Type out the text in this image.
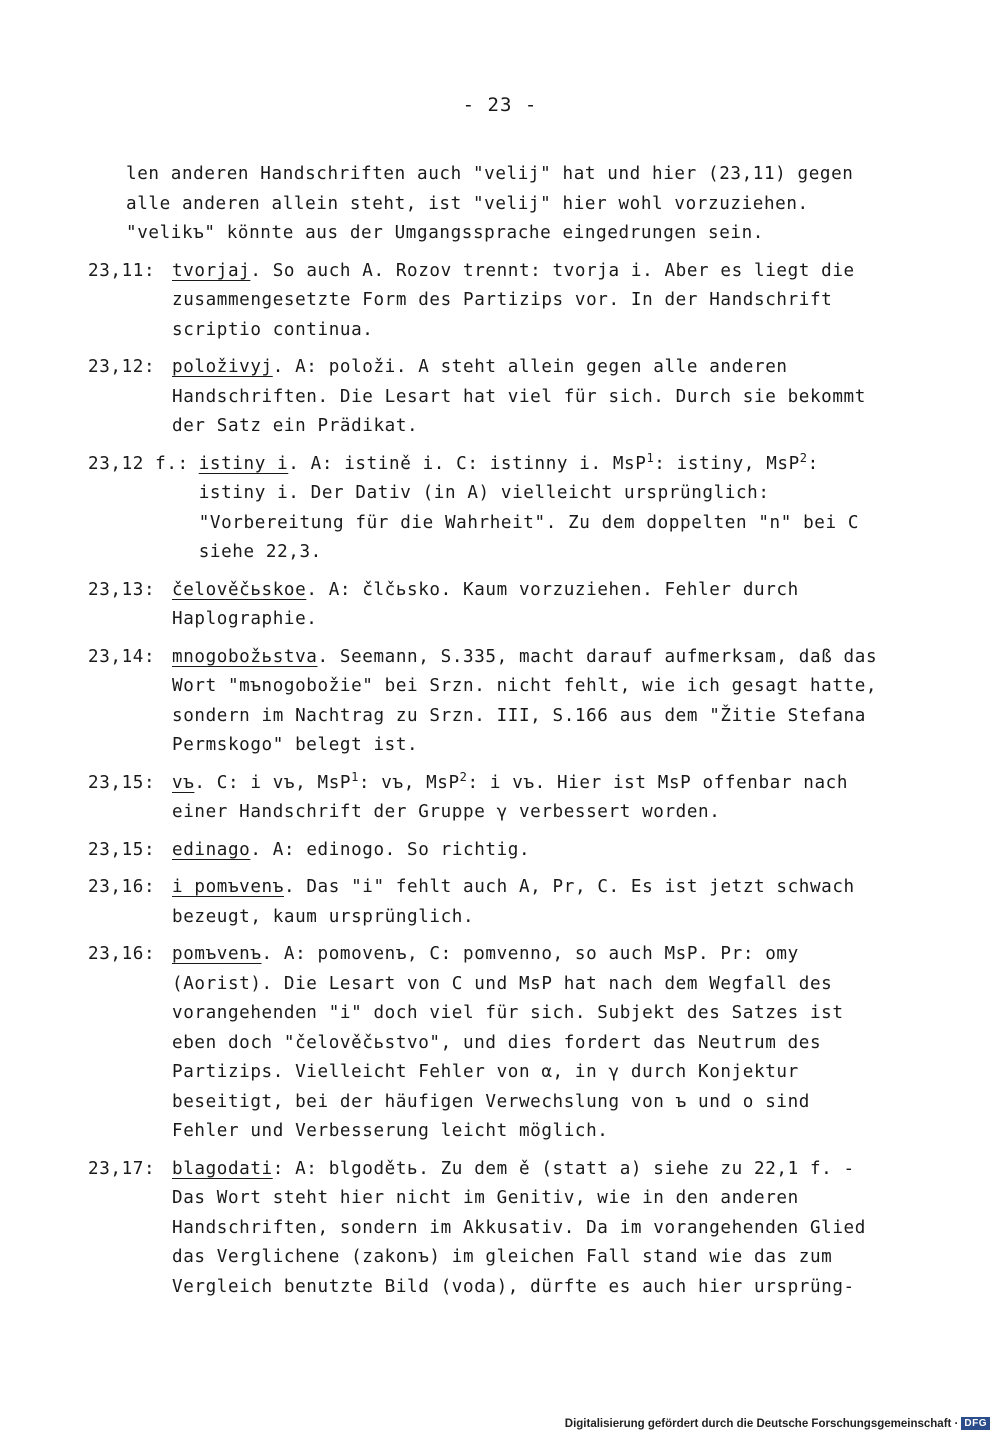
- 23 -

len anderen Handschriften auch "velij" hat und hier (23,11) gegen alle anderen allein steht, ist "velij" hier wohl vorzuziehen. "velikъ" könnte aus der Umgangssprache eingedrungen sein.

23,11: tvorjaj. So auch A. Rozov trennt: tvorja i. Aber es liegt die zusammengesetzte Form des Partizips vor. In der Handschrift scriptio continua.
23,12: položivyj. A: položi. A steht allein gegen alle anderen Handschriften. Die Lesart hat viel für sich. Durch sie bekommt der Satz ein Prädikat.
23,12 f.: istiny i. A: istině i. C: istinny i. MsP$^1$: istiny, MsP$^2$: istiny i. Der Dativ (in A) vielleicht ursprünglich: "Vorbereitung für die Wahrheit". Zu dem doppelten "n" bei C siehe 22,3.
23,13: čelověčьskoe. A: člčьsko. Kaum vorzuziehen. Fehler durch Haplographie.
23,14: mnogobožьstva. Seemann, S.335, macht darauf aufmerksam, daß das Wort "mъnogobožie" bei Srzn. nicht fehlt, wie ich gesagt hatte, sondern im Nachtrag zu Srzn. III, S.166 aus dem "Žitie Stefana Permskogo" belegt ist.
23,15: vъ. C: i vъ, MsP$^1$: vъ, MsP$^2$: i vъ. Hier ist MsP offenbar nach einer Handschrift der Gruppe γ verbessert worden.
23,15: edinago. A: edinogo. So richtig.
23,16: i pomъvenъ. Das "i" fehlt auch A, Pr, C. Es ist jetzt schwach bezeugt, kaum ursprünglich.
23,16: pomъvenъ. A: pomovenъ, C: pomvenno, so auch MsP. Pr: omy (Aorist). Die Lesart von C und MsP hat nach dem Wegfall des vorangehenden "i" doch viel für sich. Subjekt des Satzes ist eben doch "čelověčьstvo", und dies fordert das Neutrum des Partizips. Vielleicht Fehler von α, in γ durch Konjektur beseitigt, bei der häufigen Verwechslung von ъ und o sind Fehler und Verbesserung leicht möglich.
23,17: blagodati: A: blgodětь. Zu dem ě (statt a) siehe zu 22,1 f. - Das Wort steht hier nicht im Genitiv, wie in den anderen Handschriften, sondern im Akkusativ. Da im vorangehenden Glied das Verglichene (zakonъ) im gleichen Fall stand wie das zum Vergleich benutzte Bild (voda), dürfte es auch hier ursprüng-
Digitalisierung gefördert durch die Deutsche Forschungsgemeinschaft · DFG
